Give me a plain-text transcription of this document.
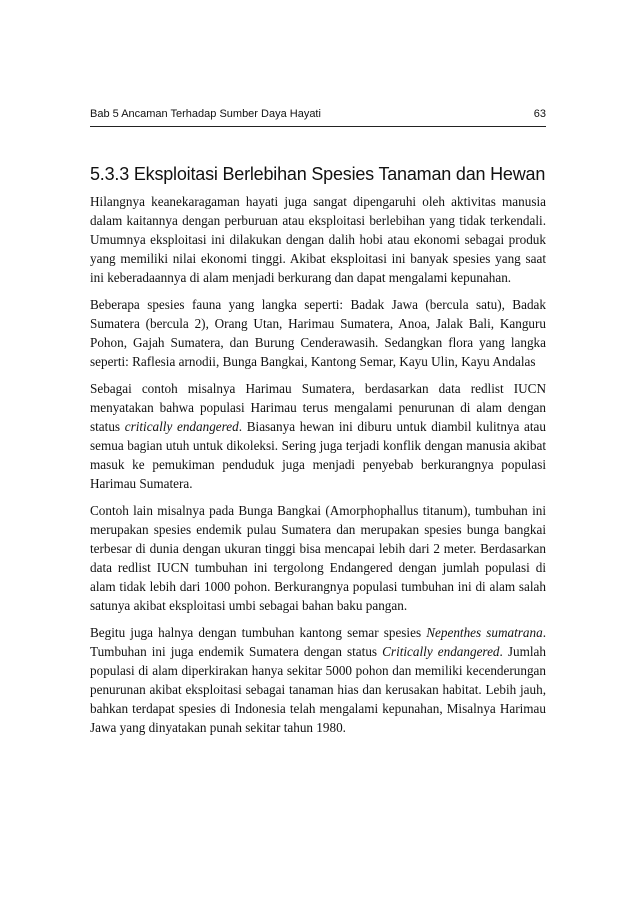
Bab 5 Ancaman Terhadap Sumber Daya Hayati	63
5.3.3 Eksploitasi Berlebihan Spesies Tanaman dan Hewan

Hilangnya keanekaragaman hayati juga sangat dipengaruhi oleh aktivitas manusia dalam kaitannya dengan perburuan atau eksploitasi berlebihan yang tidak terkendali. Umumnya eksploitasi ini dilakukan dengan dalih hobi atau ekonomi sebagai produk yang memiliki nilai ekonomi tinggi. Akibat eksploitasi ini banyak spesies yang saat ini keberadaannya di alam menjadi berkurang dan dapat mengalami kepunahan.

Beberapa spesies fauna yang langka seperti: Badak Jawa (bercula satu), Badak Sumatera (bercula 2), Orang Utan, Harimau Sumatera, Anoa, Jalak Bali, Kanguru Pohon, Gajah Sumatera, dan Burung Cenderawasih. Sedangkan flora yang langka seperti: Raflesia arnodii, Bunga Bangkai, Kantong Semar, Kayu Ulin, Kayu Andalas

Sebagai contoh misalnya Harimau Sumatera, berdasarkan data redlist IUCN menyatakan bahwa populasi Harimau terus mengalami penurunan di alam dengan status critically endangered. Biasanya hewan ini diburu untuk diambil kulitnya atau semua bagian utuh untuk dikoleksi. Sering juga terjadi konflik dengan manusia akibat masuk ke pemukiman penduduk juga menjadi penyebab berkurangnya populasi Harimau Sumatera.

Contoh lain misalnya pada Bunga Bangkai (Amorphophallus titanum), tumbuhan ini merupakan spesies endemik pulau Sumatera dan merupakan spesies bunga bangkai terbesar di dunia dengan ukuran tinggi bisa mencapai lebih dari 2 meter. Berdasarkan data redlist IUCN tumbuhan ini tergolong Endangered dengan jumlah populasi di alam tidak lebih dari 1000 pohon. Berkurangnya populasi tumbuhan ini di alam salah satunya akibat eksploitasi umbi sebagai bahan baku pangan.

Begitu juga halnya dengan tumbuhan kantong semar spesies Nepenthes sumatrana. Tumbuhan ini juga endemik Sumatera dengan status Critically endangered. Jumlah populasi di alam diperkirakan hanya sekitar 5000 pohon dan memiliki kecenderungan penurunan akibat eksploitasi sebagai tanaman hias dan kerusakan habitat. Lebih jauh, bahkan terdapat spesies di Indonesia telah mengalami kepunahan, Misalnya Harimau Jawa yang dinyatakan punah sekitar tahun 1980.
